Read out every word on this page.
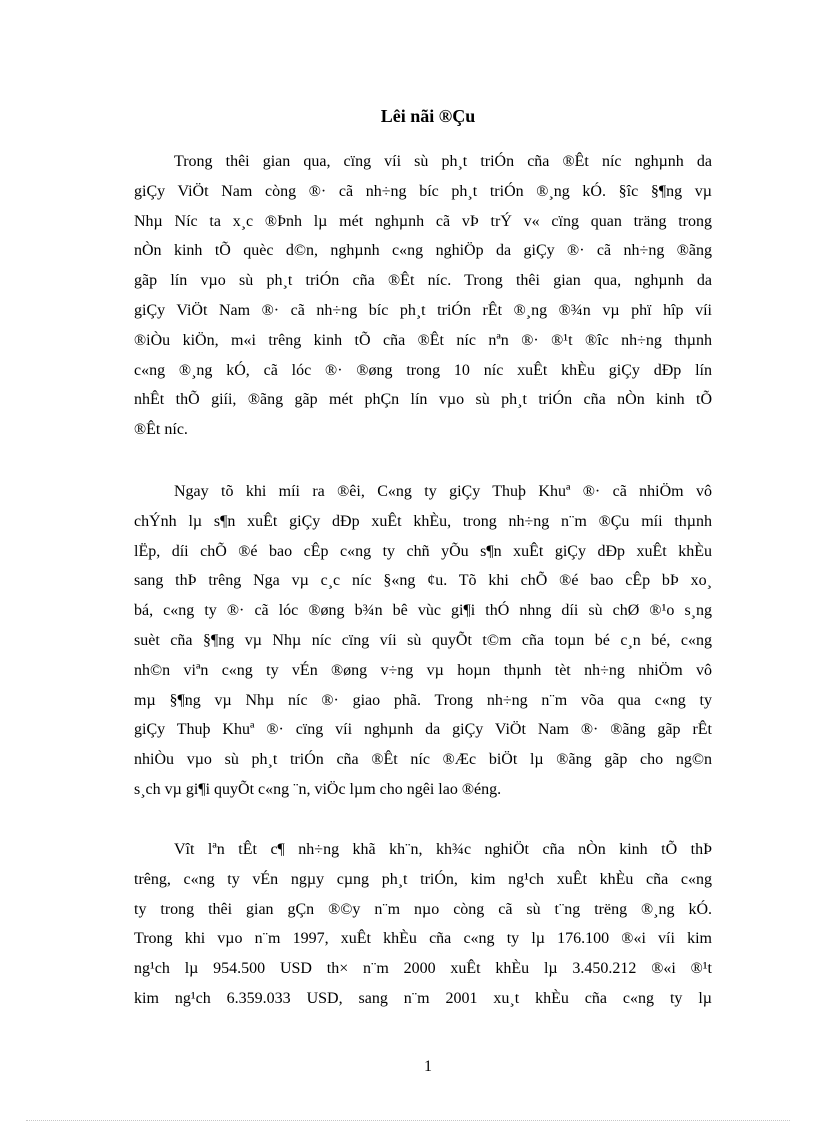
Lêi nãi ®Çu
Trong thêi gian qua, cïng víi sù ph¸t triÓn cña ®Êt níc nghµnh da
giÇy ViÖt Nam còng ®· cã nh÷ng bíc ph¸t triÓn ®¸ng kÓ. §îc §¶ng vµ
Nhµ Níc ta x¸c ®Þnh lµ mét nghµnh cã vÞ trÝ v« cïng quan träng trong
nÒn kinh tÕ quèc d©n, nghµnh c«ng nghiÖp da giÇy ®· cã nh÷ng ®ãng
gãp lín vµo sù ph¸t triÓn cña ®Êt níc. Trong thêi gian qua, nghµnh da
giÇy ViÖt Nam ®· cã nh÷ng bíc ph¸t triÓn rÊt ®¸ng ®¾n vµ phï hîp víi
®iÒu kiÖn, m«i trêng kinh tÕ cña ®Êt níc nªn ®· ®¹t ®îc nh÷ng thµnh
c«ng ®¸ng kÓ, cã lóc ®· ®øng trong 10 níc xuÊt khÈu giÇy dÐp lín
nhÊt thÕ giíi, ®ãng gãp mét phÇn lín vµo sù ph¸t triÓn cña nÒn kinh tÕ
®Êt níc.
Ngay tõ khi míi ra ®êi, C«ng ty giÇy Thuþ Khuª ®· cã nhiÖm vô
chÝnh lµ s¶n xuÊt giÇy dÐp xuÊt khÈu, trong nh÷ng n¨m ®Çu míi thµnh
lËp, díi chÕ ®é bao cÊp c«ng ty chñ yÕu s¶n xuÊt giÇy dÐp xuÊt khÈu
sang thÞ trêng Nga vµ c¸c níc §«ng ¢u. Tõ khi chÕ ®é bao cÊp bÞ xo¸
bá, c«ng ty ®· cã lóc ®øng b¾n bê vùc gi¶i thÓ nhng díi sù chØ ®¹o s¸ng
suèt cña §¶ng vµ Nhµ níc cïng víi sù quyÕt t©m cña toµn bé c¸n bé, c«ng
nh©n viªn c«ng ty vÉn ®øng v÷ng vµ hoµn thµnh tèt nh÷ng nhiÖm vô
mµ §¶ng vµ Nhµ níc ®· giao phã. Trong nh÷ng n¨m võa qua c«ng ty
giÇy Thuþ Khuª ®· cïng víi nghµnh da giÇy ViÖt Nam ®· ®ãng gãp rÊt
nhiÒu vµo sù ph¸t triÓn cña ®Êt níc ®Æc biÖt lµ ®ãng gãp cho ng©n
s¸ch vµ gi¶i quyÕt c«ng ¨n, viÖc lµm cho ngêi lao ®éng.
Vît lªn tÊt c¶ nh÷ng khã kh¨n, kh¾c nghiÖt cña nÒn kinh tÕ thÞ
trêng, c«ng ty vÉn ngµy cµng ph¸t triÓn, kim ng¹ch xuÊt khÈu cña c«ng
ty trong thêi gian gÇn ®©y n¨m nµo còng cã sù t¨ng trëng ®¸ng kÓ.
Trong khi vµo n¨m 1997, xuÊt khÈu cña c«ng ty lµ 176.100 ®«i víi kim
ng¹ch lµ 954.500 USD th× n¨m 2000 xuÊt khÈu lµ 3.450.212 ®«i ®¹t
kim ng¹ch 6.359.033 USD, sang n¨m 2001 xu¸t khÈu cña c«ng ty lµ

1
